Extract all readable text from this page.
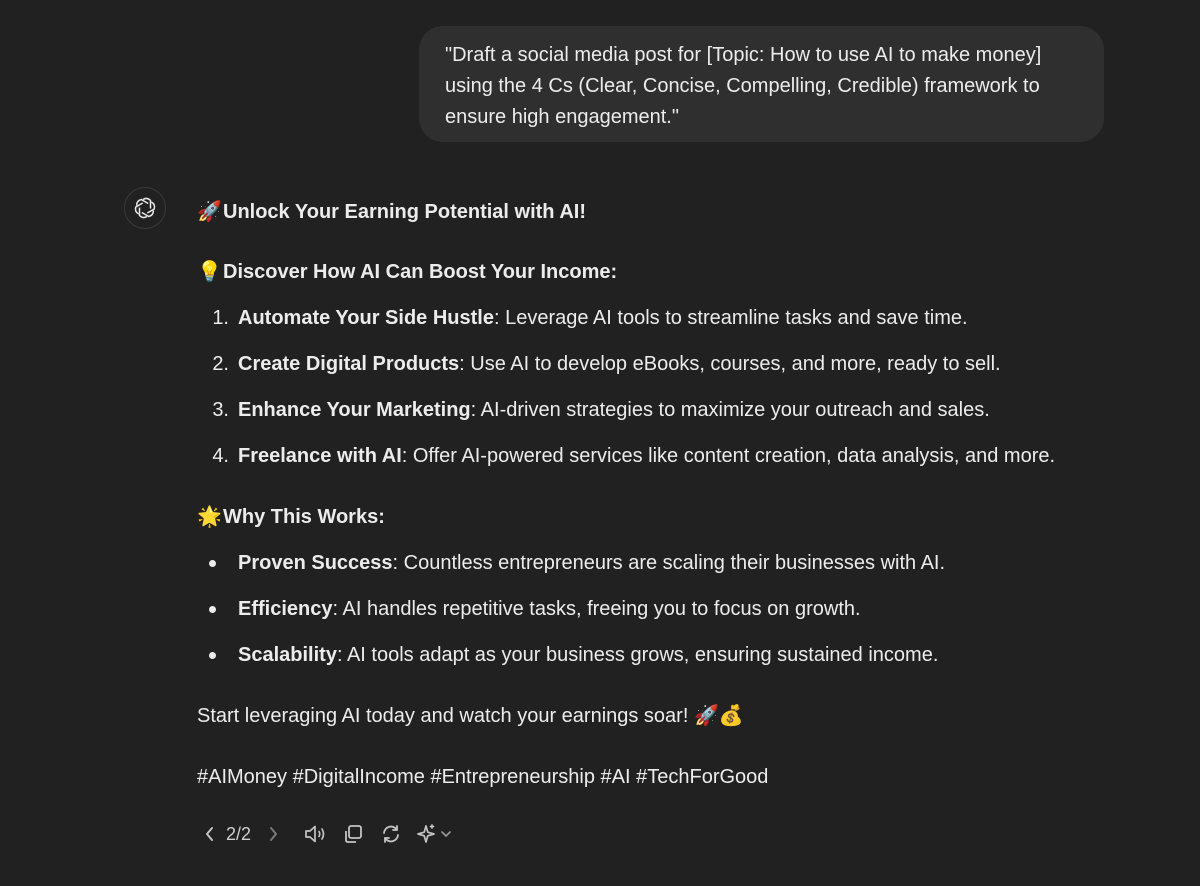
"Draft a social media post for [Topic: How to use AI to make money]
using the 4 Cs (Clear, Concise, Compelling, Credible) framework to
ensure high engagement."
🚀Unlock Your Earning Potential with AI!
💡Discover How AI Can Boost Your Income:
1. Automate Your Side Hustle: Leverage AI tools to streamline tasks and save time.
2. Create Digital Products: Use AI to develop eBooks, courses, and more, ready to sell.
3. Enhance Your Marketing: AI-driven strategies to maximize your outreach and sales.
4. Freelance with AI: Offer AI-powered services like content creation, data analysis, and more.
🌟Why This Works:
Proven Success: Countless entrepreneurs are scaling their businesses with AI.
Efficiency: AI handles repetitive tasks, freeing you to focus on growth.
Scalability: AI tools adapt as your business grows, ensuring sustained income.
Start leveraging AI today and watch your earnings soar! 🚀💰
#AIMoney #DigitalIncome #Entrepreneurship #AI #TechForGood
2/2
